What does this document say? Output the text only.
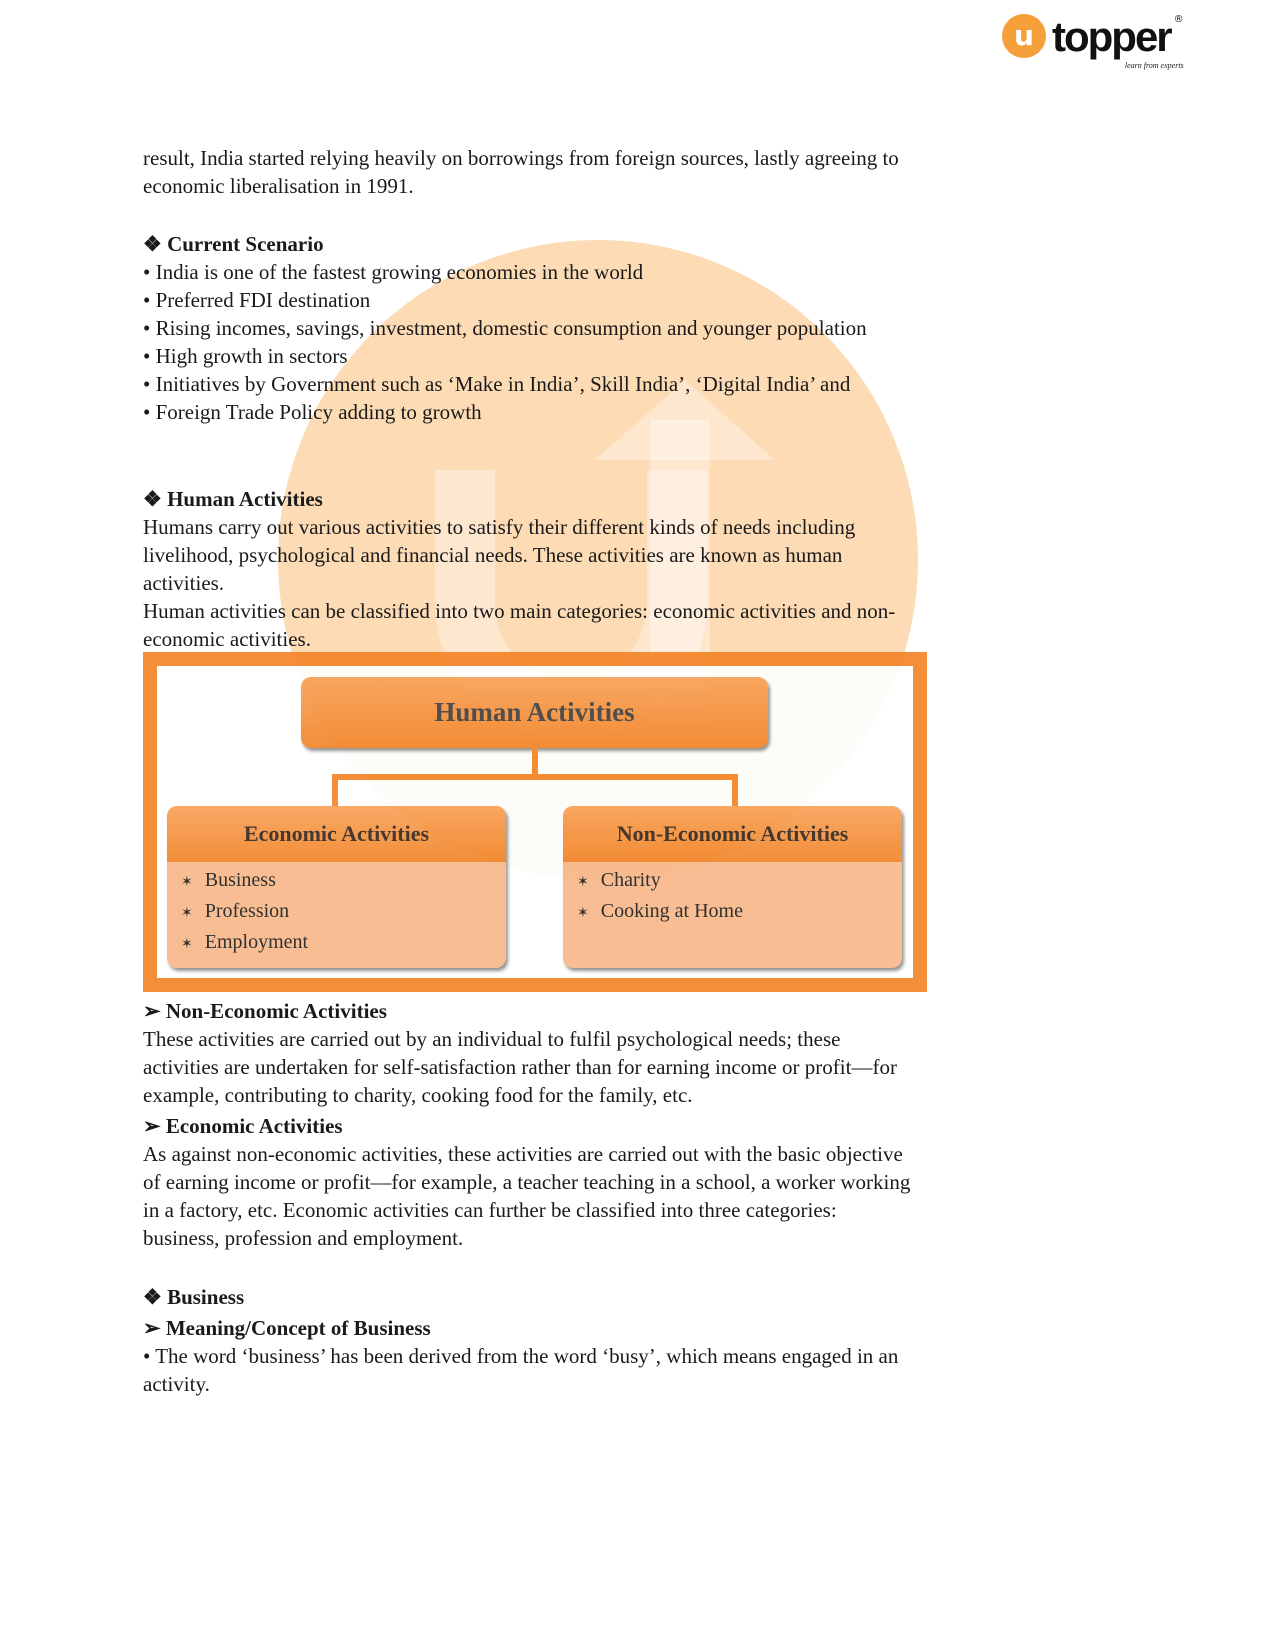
u topper ®
learn from experts
result, India started relying heavily on borrowings from foreign sources, lastly agreeing to
economic liberalisation in 1991.
❖ Current Scenario
• India is one of the fastest growing economies in the world
• Preferred FDI destination
• Rising incomes, savings, investment, domestic consumption and younger population
• High growth in sectors
• Initiatives by Government such as ‘Make in India’, Skill India’, ‘Digital India’ and
• Foreign Trade Policy adding to growth
❖ Human Activities
Humans carry out various activities to satisfy their different kinds of needs including
livelihood, psychological and financial needs. These activities are known as human
activities.
Human activities can be classified into two main categories: economic activities and non-
economic activities.
Human Activities
Economic Activities
✶ Business
✶ Profession
✶ Employment
Non-Economic Activities
✶ Charity
✶ Cooking at Home
➢ Non-Economic Activities
These activities are carried out by an individual to fulfil psychological needs; these
activities are undertaken for self-satisfaction rather than for earning income or profit—for
example, contributing to charity, cooking food for the family, etc.
➢ Economic Activities
As against non-economic activities, these activities are carried out with the basic objective
of earning income or profit—for example, a teacher teaching in a school, a worker working
in a factory, etc. Economic activities can further be classified into three categories:
business, profession and employment.
❖ Business
➢ Meaning/Concept of Business
• The word ‘business’ has been derived from the word ‘busy’, which means engaged in an
activity.
